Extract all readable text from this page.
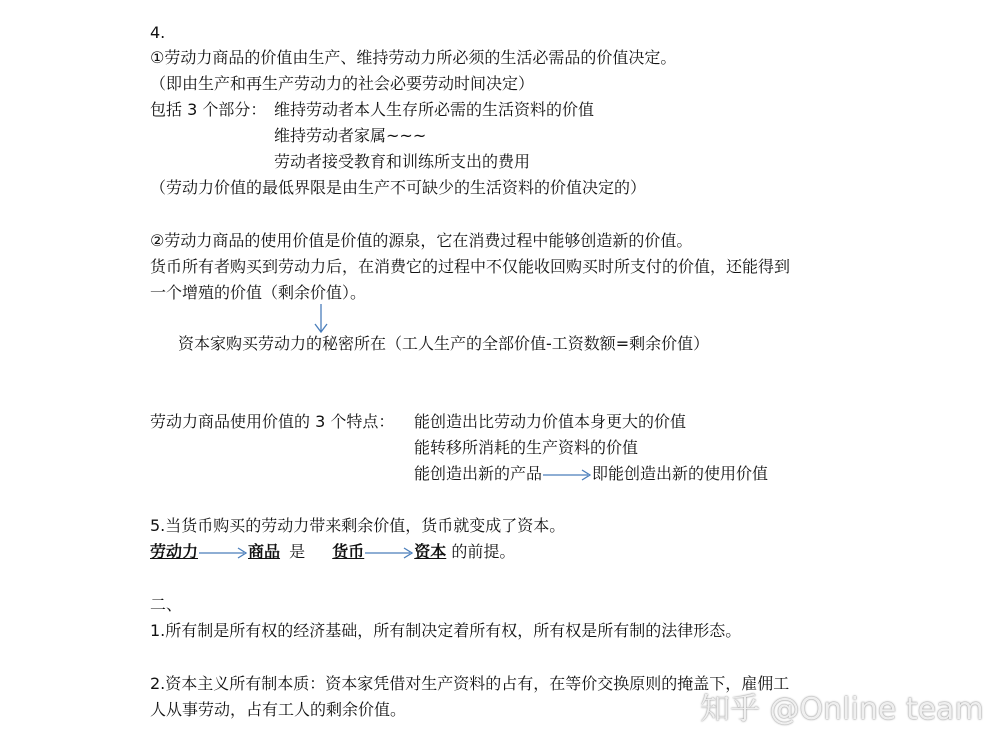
4.
①劳动力商品的价值由生产、维持劳动力所必须的生活必需品的价值决定。
（即由生产和再生产劳动力的社会必要劳动时间决定）
包括 3 个部分： 维持劳动者本人生存所必需的生活资料的价值
维持劳动者家属~~~
劳动者接受教育和训练所支出的费用
（劳动力价值的最低界限是由生产不可缺少的生活资料的价值决定的）
②劳动力商品的使用价值是价值的源泉，它在消费过程中能够创造新的价值。
货币所有者购买到劳动力后，在消费它的过程中不仅能收回购买时所支付的价值，还能得到
一个增殖的价值（剩余价值）。
资本家购买劳动力的秘密所在（工人生产的全部价值-工资数额=剩余价值）
劳动力商品使用价值的 3 个特点： 能创造出比劳动力价值本身更大的价值
能转移所消耗的生产资料的价值
能创造出新的产品	即能创造出新的使用价值
5.当货币购买的劳动力带来剩余价值，货币就变成了资本。
劳动力	商品 是 货币	资本 的前提。
二、
1.所有制是所有权的经济基础，所有制决定着所有权，所有权是所有制的法律形态。
2.资本主义所有制本质：资本家凭借对生产资料的占有，在等价交换原则的掩盖下，雇佣工
人从事劳动，占有工人的剩余价值。	知乎 @Online team
